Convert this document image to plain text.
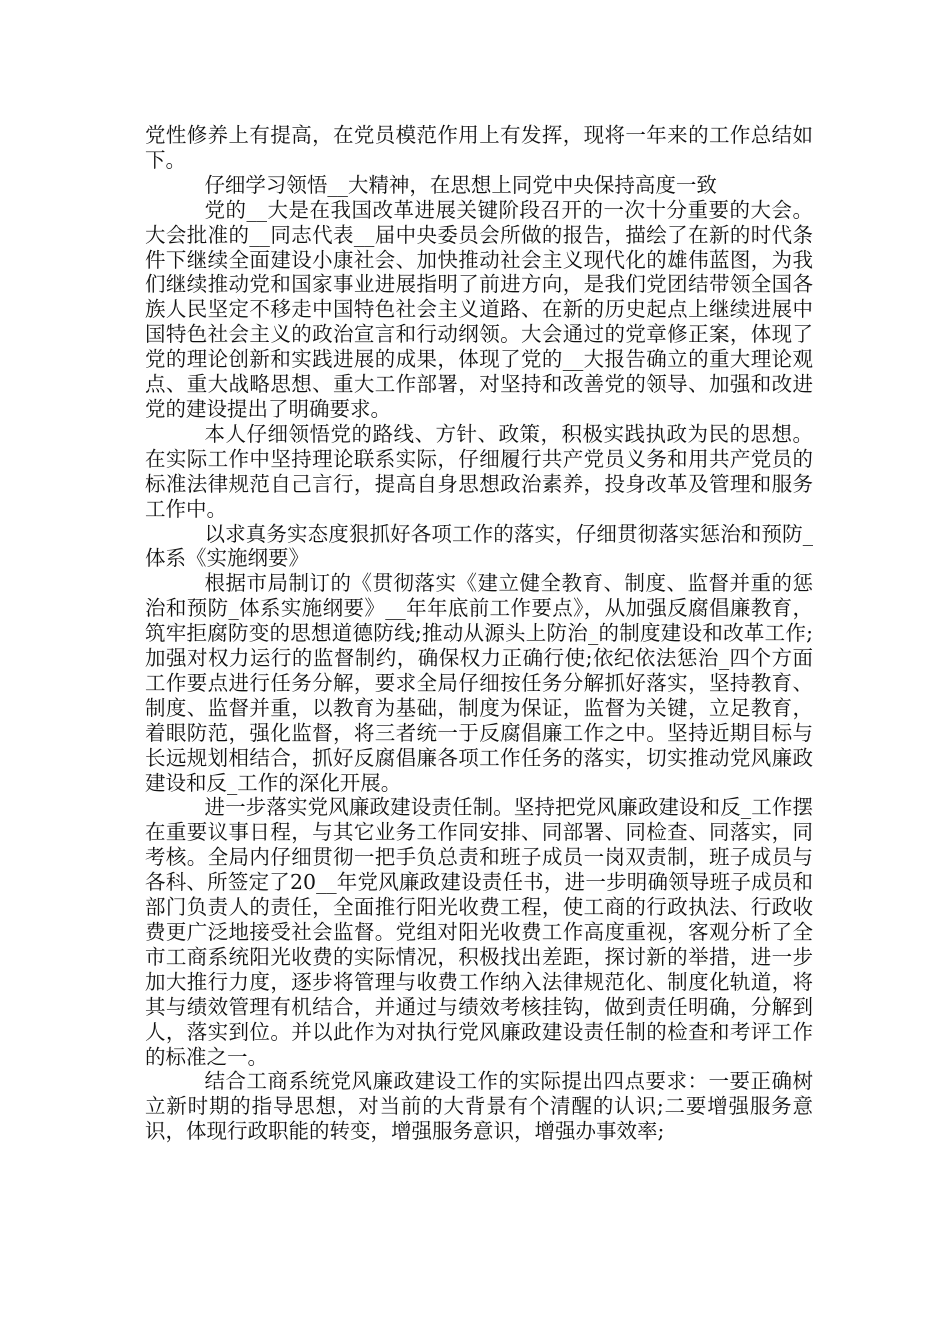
党性修养上有提高，在党员模范作用上有发挥，现将一年来的工作总结如下。

仔细学习领悟__大精神，在思想上同党中央保持高度一致

党的__大是在我国改革进展关键阶段召开的一次十分重要的大会。大会批准的__同志代表__届中央委员会所做的报告，描绘了在新的时代条件下继续全面建设小康社会、加快推动社会主义现代化的雄伟蓝图，为我们继续推动党和国家事业进展指明了前进方向，是我们党团结带领全国各族人民坚定不移走中国特色社会主义道路、在新的历史起点上继续进展中国特色社会主义的政治宣言和行动纲领。大会通过的党章修正案，体现了党的理论创新和实践进展的成果，体现了党的__大报告确立的重大理论观点、重大战略思想、重大工作部署，对坚持和改善党的领导、加强和改进党的建设提出了明确要求。

本人仔细领悟党的路线、方针、政策，积极实践执政为民的思想。在实际工作中坚持理论联系实际，仔细履行共产党员义务和用共产党员的标准法律规范自己言行，提高自身思想政治素养，投身改革及管理和服务工作中。

以求真务实态度狠抓好各项工作的落实，仔细贯彻落实惩治和预防_体系《实施纲要》

根据市局制订的《贯彻落实《建立健全教育、制度、监督并重的惩治和预防_体系实施纲要》__年年底前工作要点》，从加强反腐倡廉教育，筑牢拒腐防变的思想道德防线;推动从源头上防治_的制度建设和改革工作;加强对权力运行的监督制约，确保权力正确行使;依纪依法惩治_四个方面工作要点进行任务分解，要求全局仔细按任务分解抓好落实，坚持教育、制度、监督并重，以教育为基础，制度为保证，监督为关键，立足教育，着眼防范，强化监督，将三者统一于反腐倡廉工作之中。坚持近期目标与长远规划相结合，抓好反腐倡廉各项工作任务的落实，切实推动党风廉政建设和反_工作的深化开展。

进一步落实党风廉政建设责任制。坚持把党风廉政建设和反_工作摆在重要议事日程，与其它业务工作同安排、同部署、同检查、同落实，同考核。全局内仔细贯彻一把手负总责和班子成员一岗双责制，班子成员与各科、所签定了20__年党风廉政建设责任书，进一步明确领导班子成员和部门负责人的责任，全面推行阳光收费工程，使工商的行政执法、行政收费更广泛地接受社会监督。党组对阳光收费工作高度重视，客观分析了全市工商系统阳光收费的实际情况，积极找出差距，探讨新的举措，进一步加大推行力度，逐步将管理与收费工作纳入法律规范化、制度化轨道，将其与绩效管理有机结合，并通过与绩效考核挂钩，做到责任明确，分解到人，落实到位。并以此作为对执行党风廉政建设责任制的检查和考评工作的标准之一。

结合工商系统党风廉政建设工作的实际提出四点要求：一要正确树立新时期的指导思想，对当前的大背景有个清醒的认识;二要增强服务意识，体现行政职能的转变，增强服务意识，增强办事效率;
